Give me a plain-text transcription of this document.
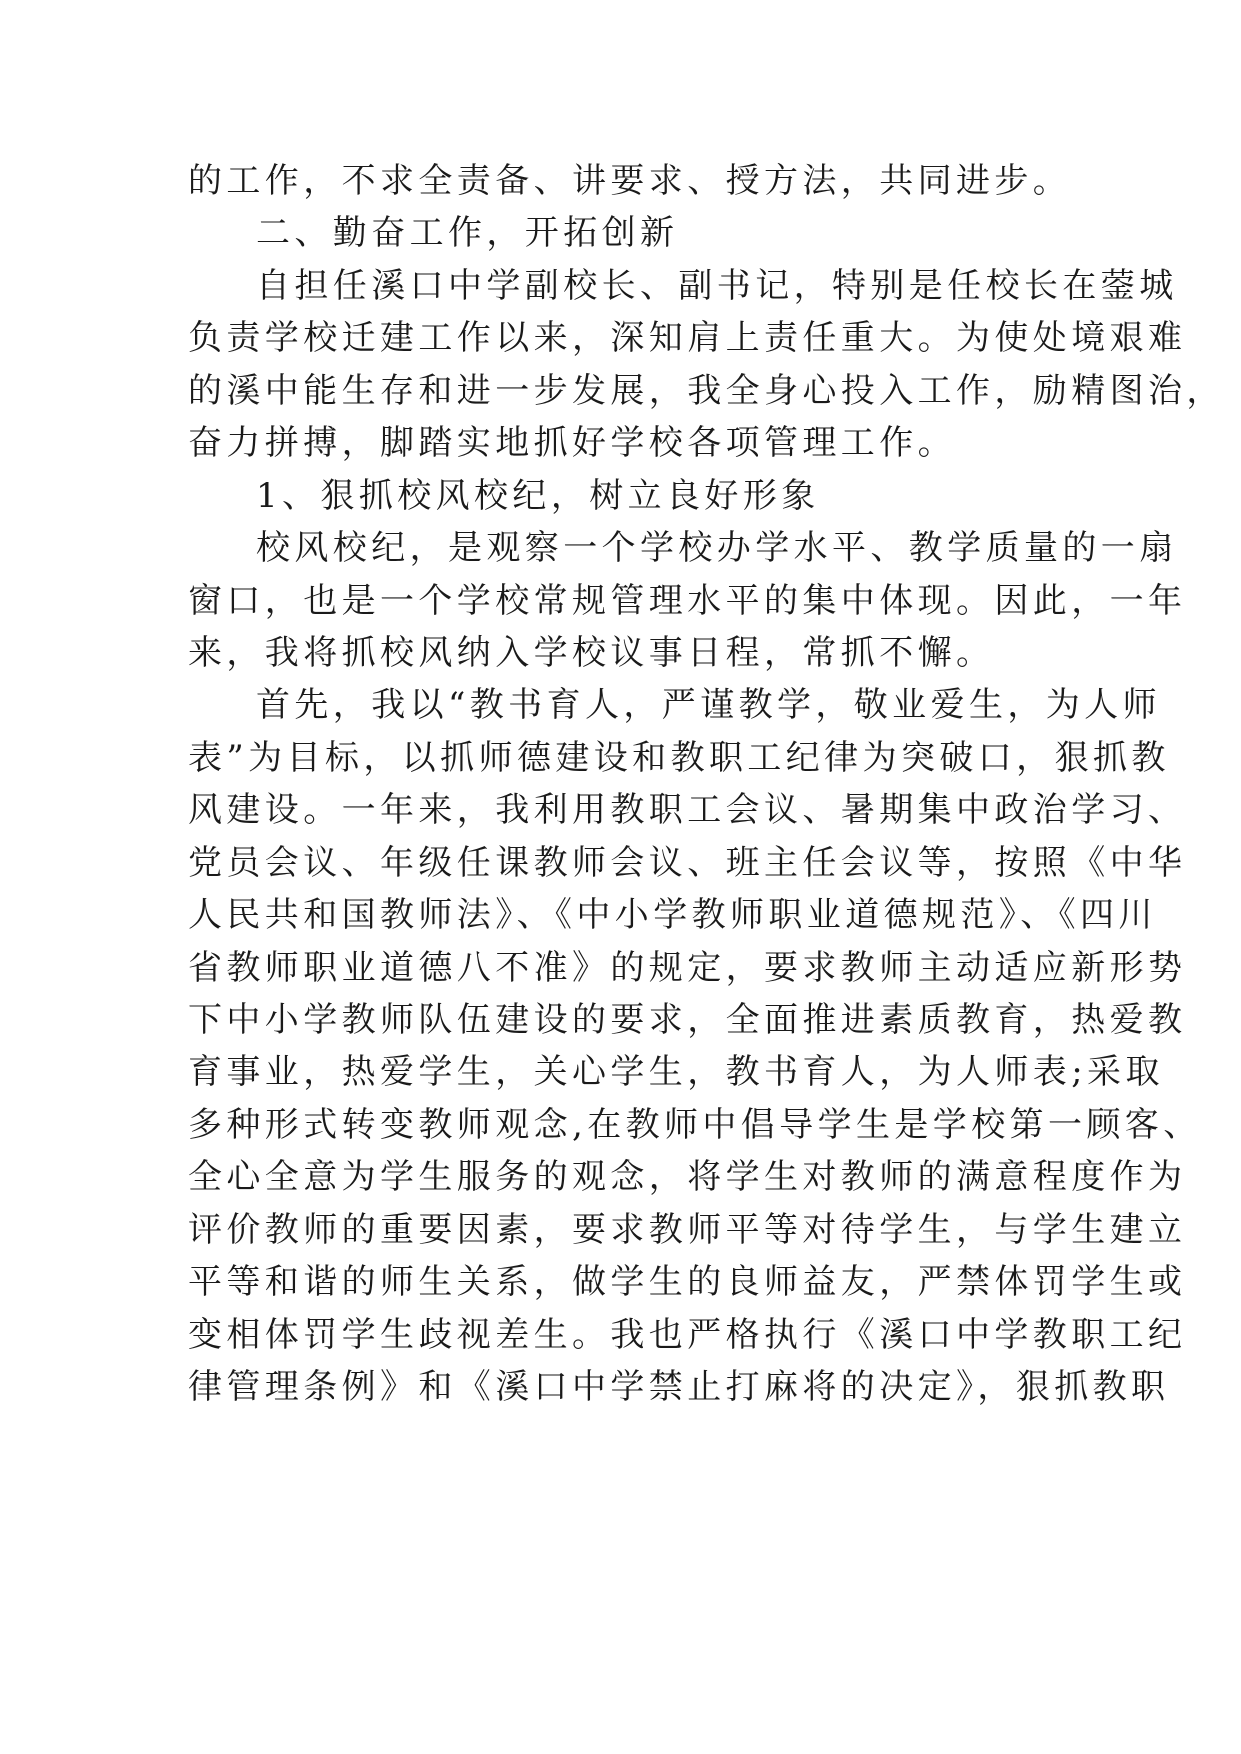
的工作，不求全责备、讲要求、授方法，共同进步。
二、勤奋工作，开拓创新
自担任溪口中学副校长、副书记，特别是任校长在蓥城
负责学校迁建工作以来，深知肩上责任重大。为使处境艰难
的溪中能生存和进一步发展，我全身心投入工作，励精图治，
奋力拼搏，脚踏实地抓好学校各项管理工作。
1、狠抓校风校纪，树立良好形象
校风校纪，是观察一个学校办学水平、教学质量的一扇
窗口，也是一个学校常规管理水平的集中体现。因此，一年
来，我将抓校风纳入学校议事日程，常抓不懈。
首先，我以“教书育人，严谨教学，敬业爱生，为人师
表”为目标，以抓师德建设和教职工纪律为突破口，狠抓教
风建设。一年来，我利用教职工会议、暑期集中政治学习、
党员会议、年级任课教师会议、班主任会议等，按照《中华
人民共和国教师法》、《中小学教师职业道德规范》、《四川
省教师职业道德八不准》的规定，要求教师主动适应新形势
下中小学教师队伍建设的要求，全面推进素质教育，热爱教
育事业，热爱学生，关心学生，教书育人，为人师表;采取
多种形式转变教师观念,在教师中倡导学生是学校第一顾客、
全心全意为学生服务的观念，将学生对教师的满意程度作为
评价教师的重要因素，要求教师平等对待学生，与学生建立
平等和谐的师生关系，做学生的良师益友，严禁体罚学生或
变相体罚学生歧视差生。我也严格执行《溪口中学教职工纪
律管理条例》和《溪口中学禁止打麻将的决定》，狠抓教职
